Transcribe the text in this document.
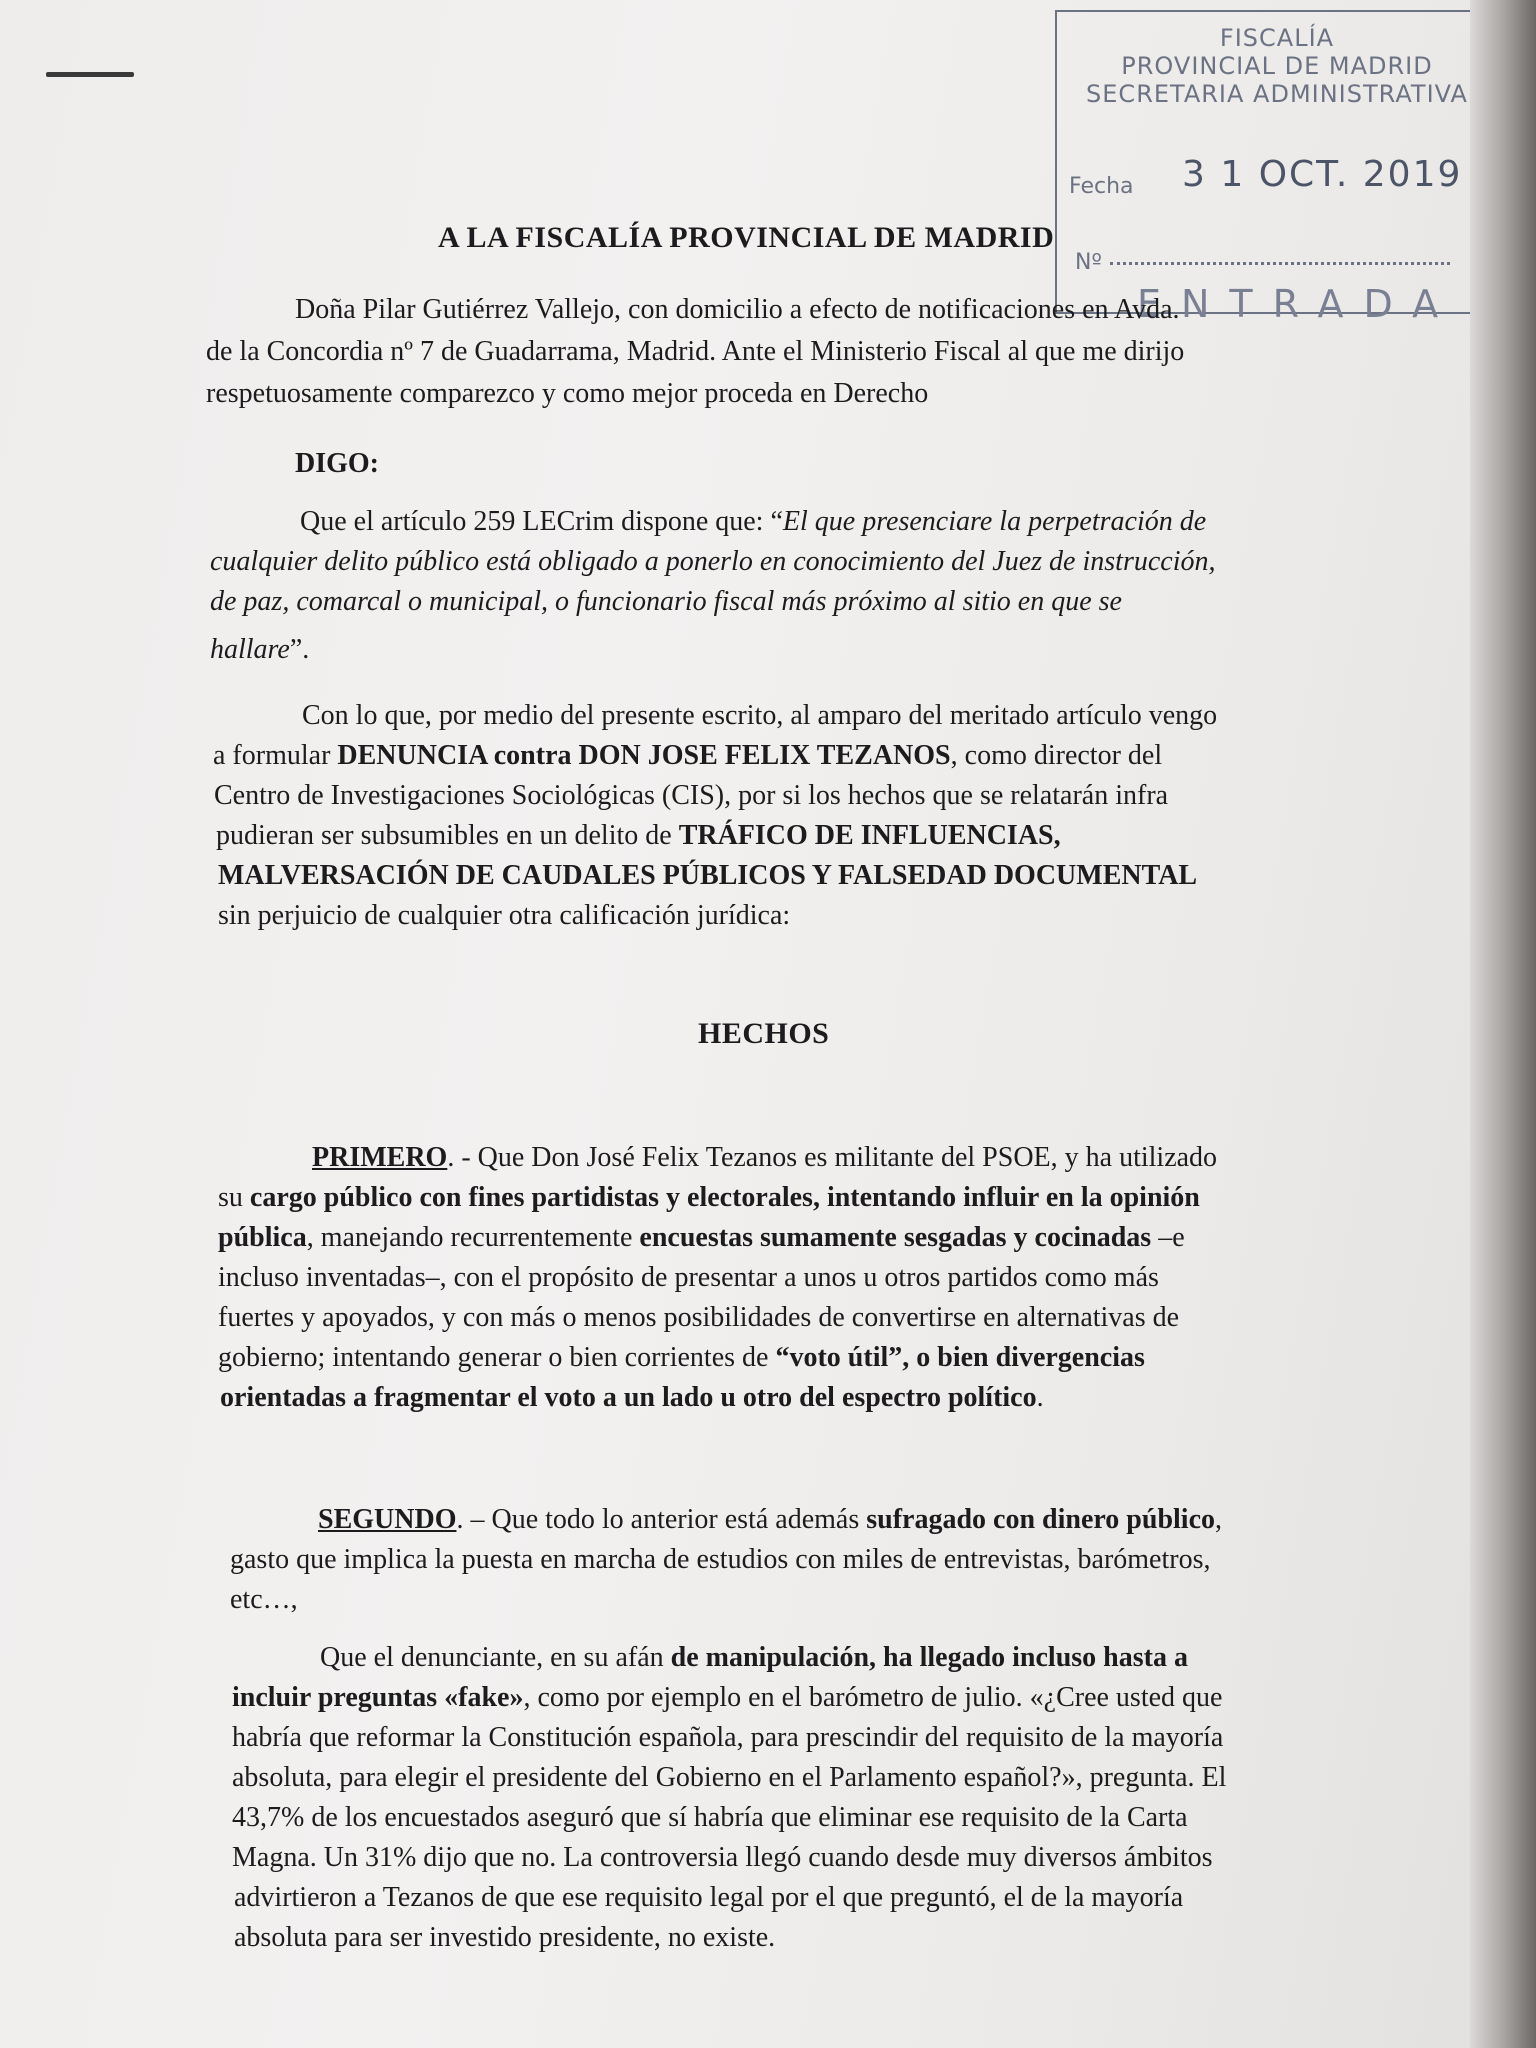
FISCALÍA
PROVINCIAL DE MADRID
SECRETARIA ADMINISTRATIVA
Fecha 3 1 OCT. 2019
Nº
ENTRADA
A LA FISCALÍA PROVINCIAL DE MADRID
Doña Pilar Gutiérrez Vallejo, con domicilio a efecto de notificaciones en Avda.
de la Concordia nº 7 de Guadarrama, Madrid. Ante el Ministerio Fiscal al que me dirijo
respetuosamente comparezco y como mejor proceda en Derecho
DIGO:
Que el artículo 259 LECrim dispone que: “El que presenciare la perpetración de
cualquier delito público está obligado a ponerlo en conocimiento del Juez de instrucción,
de paz, comarcal o municipal, o funcionario fiscal más próximo al sitio en que se
hallare”.
Con lo que, por medio del presente escrito, al amparo del meritado artículo vengo
a formular DENUNCIA contra DON JOSE FELIX TEZANOS, como director del
Centro de Investigaciones Sociológicas (CIS), por si los hechos que se relatarán infra
pudieran ser subsumibles en un delito de TRÁFICO DE INFLUENCIAS,
MALVERSACIÓN DE CAUDALES PÚBLICOS Y FALSEDAD DOCUMENTAL
sin perjuicio de cualquier otra calificación jurídica:
HECHOS
PRIMERO. - Que Don José Felix Tezanos es militante del PSOE, y ha utilizado
su cargo público con fines partidistas y electorales, intentando influir en la opinión
pública, manejando recurrentemente encuestas sumamente sesgadas y cocinadas –e
incluso inventadas–, con el propósito de presentar a unos u otros partidos como más
fuertes y apoyados, y con más o menos posibilidades de convertirse en alternativas de
gobierno; intentando generar o bien corrientes de “voto útil”, o bien divergencias
orientadas a fragmentar el voto a un lado u otro del espectro político.
SEGUNDO. – Que todo lo anterior está además sufragado con dinero público,
gasto que implica la puesta en marcha de estudios con miles de entrevistas, barómetros,
etc…,
Que el denunciante, en su afán de manipulación, ha llegado incluso hasta a
incluir preguntas «fake», como por ejemplo en el barómetro de julio. «¿Cree usted que
habría que reformar la Constitución española, para prescindir del requisito de la mayoría
absoluta, para elegir el presidente del Gobierno en el Parlamento español?», pregunta. El
43,7% de los encuestados aseguró que sí habría que eliminar ese requisito de la Carta
Magna. Un 31% dijo que no. La controversia llegó cuando desde muy diversos ámbitos
advirtieron a Tezanos de que ese requisito legal por el que preguntó, el de la mayoría
absoluta para ser investido presidente, no existe.
